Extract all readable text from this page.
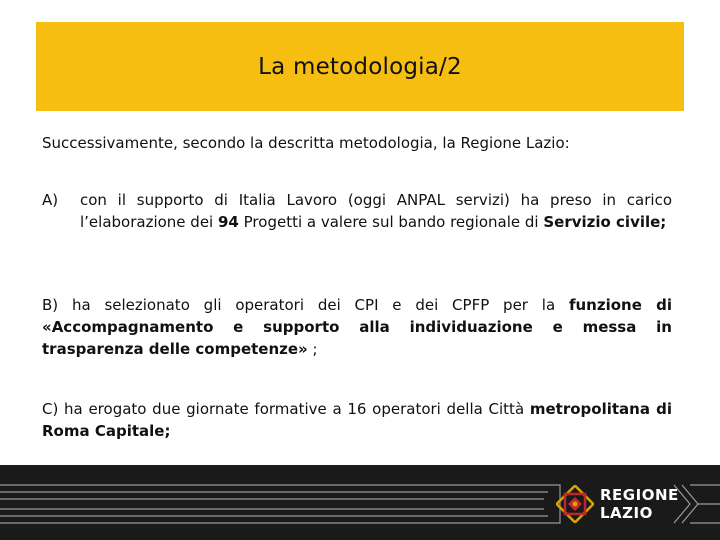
La metodologia/2

Successivamente, secondo la descritta metodologia, la Regione Lazio:

A)	con il supporto di Italia Lavoro (oggi ANPAL servizi) ha preso in carico l’elaborazione dei 94 Progetti a valere sul bando regionale di Servizio civile;

B) ha selezionato gli operatori dei CPI e dei CPFP per la funzione di «Accompagnamento e supporto alla individuazione e messa in trasparenza delle competenze» ;

C) ha erogato due giornate formative a 16 operatori della Città metropolitana di Roma Capitale;

REGIONE
LAZIO
